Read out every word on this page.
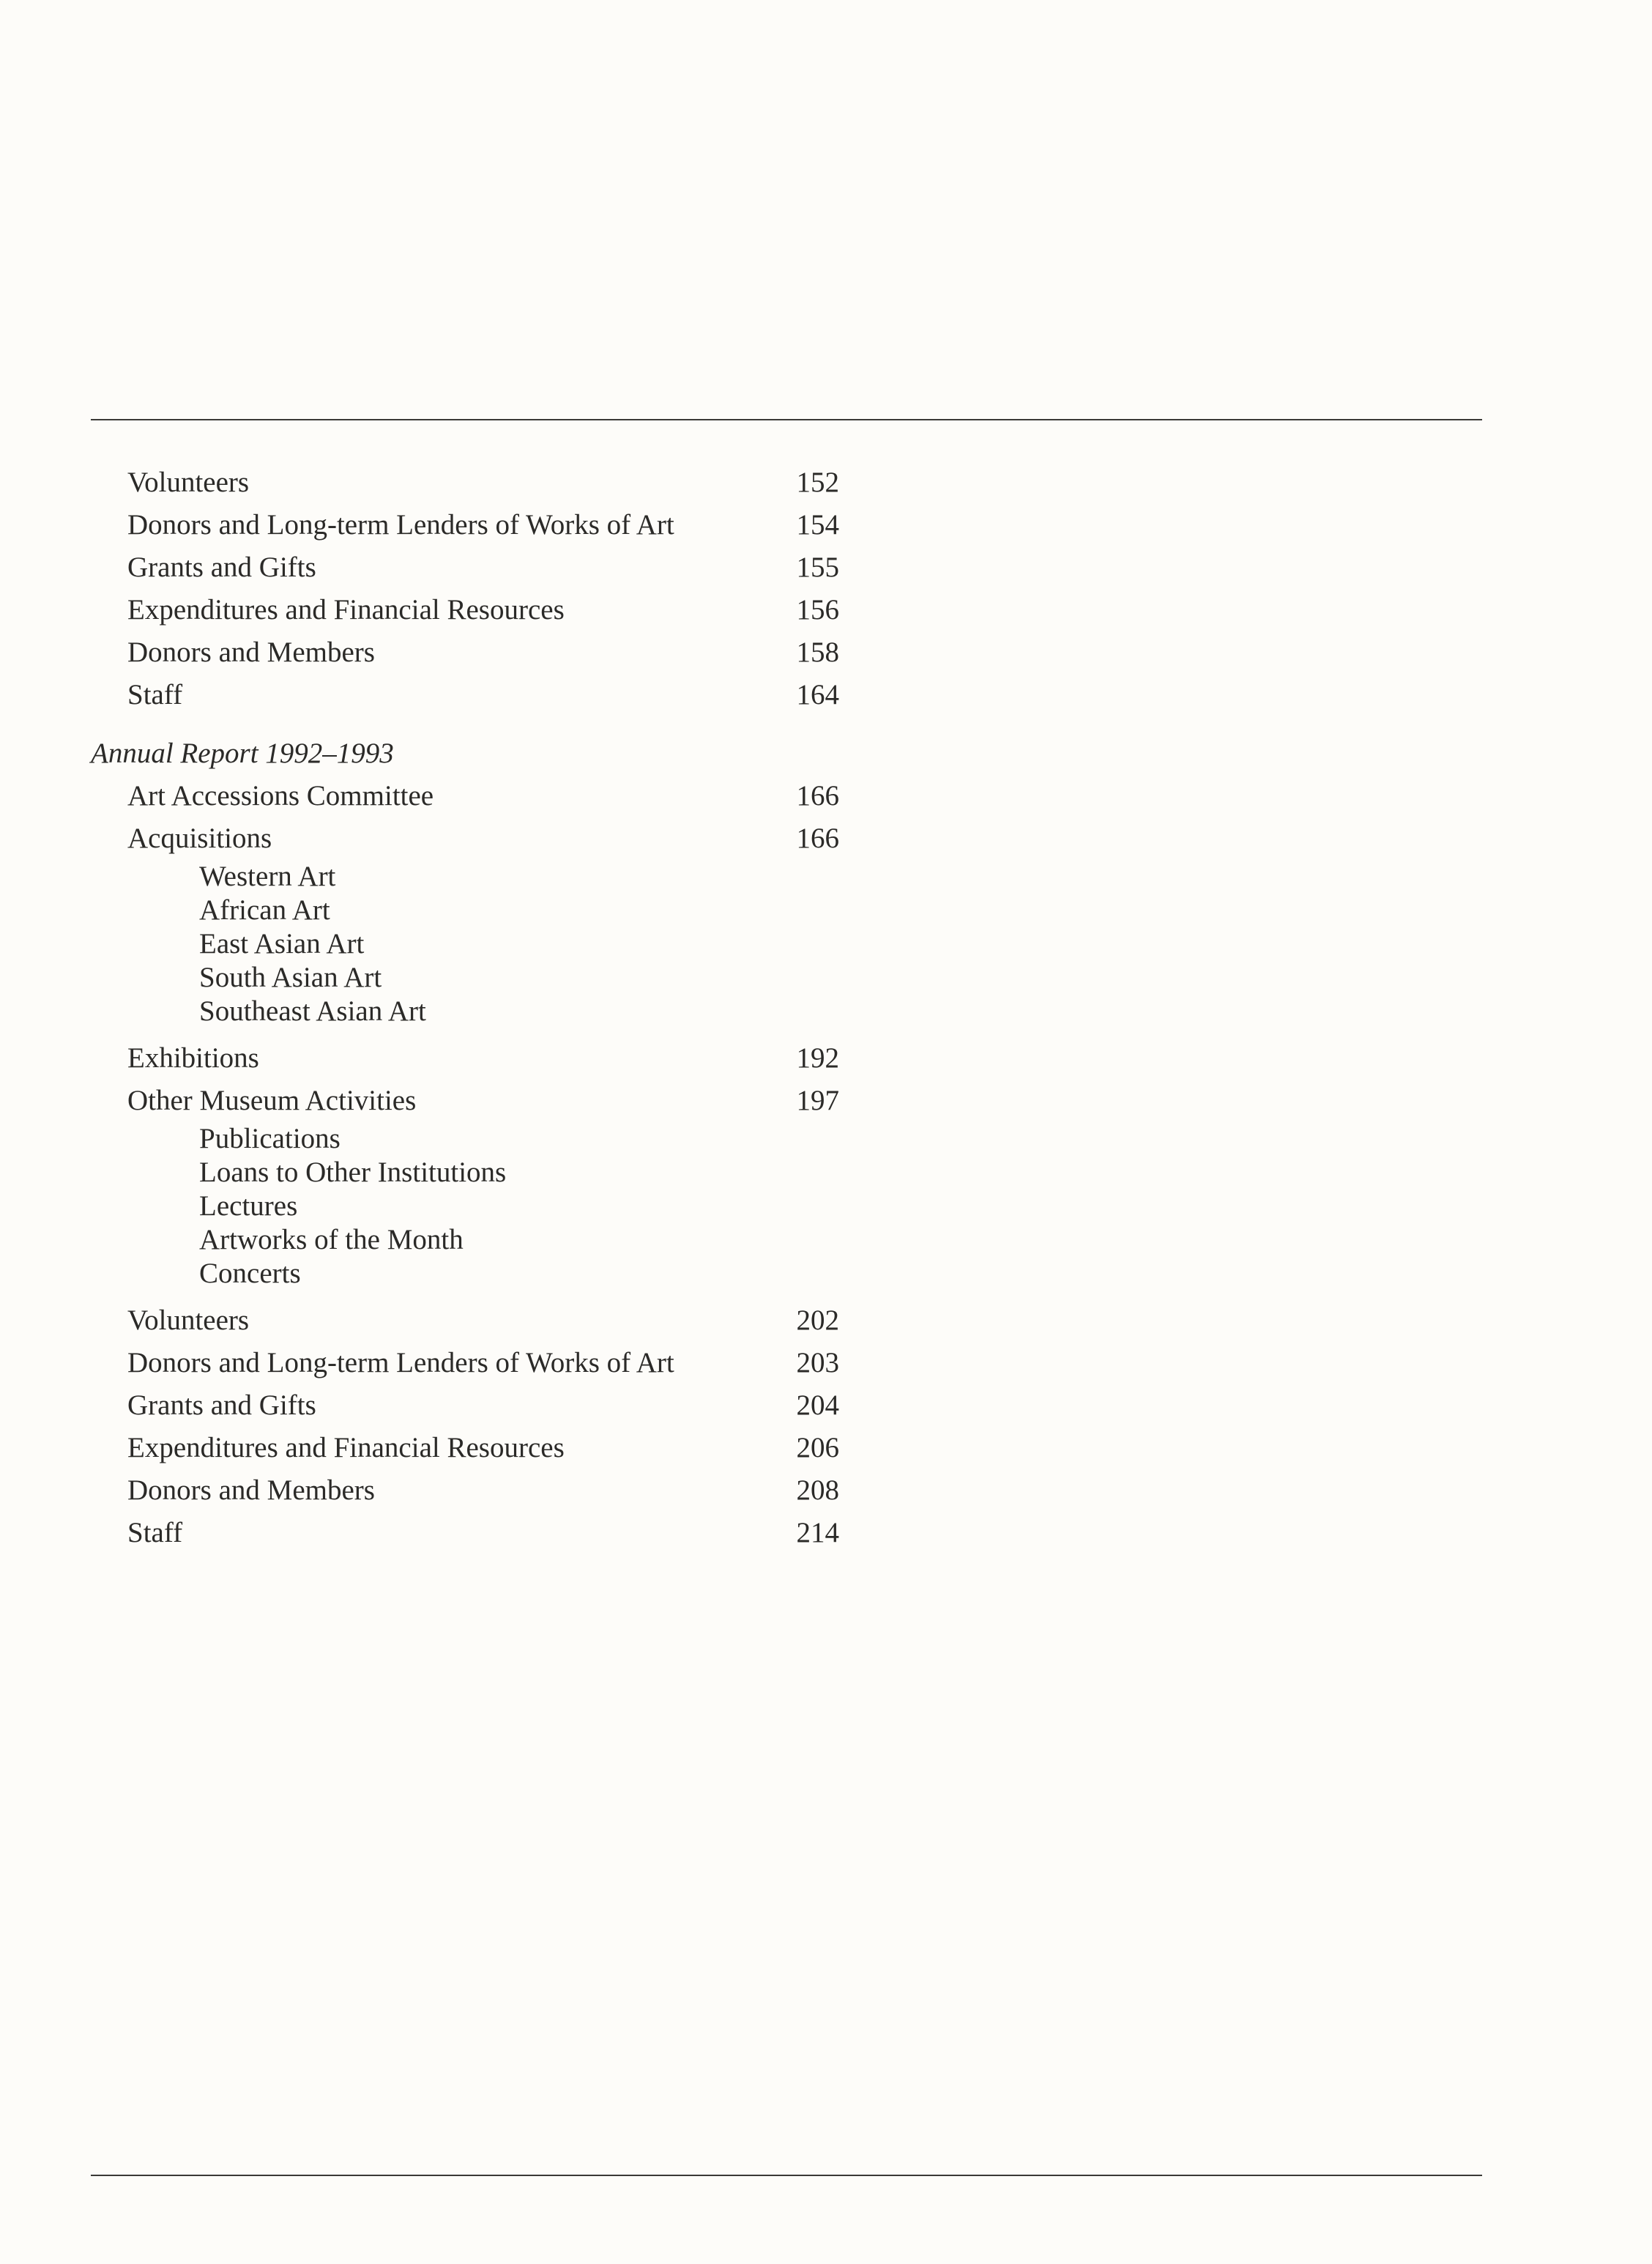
Volunteers	152
Donors and Long-term Lenders of Works of Art	154
Grants and Gifts	155
Expenditures and Financial Resources	156
Donors and Members	158
Staff	164
Annual Report 1992–1993
Art Accessions Committee	166
Acquisitions	166
Western Art
African Art
East Asian Art
South Asian Art
Southeast Asian Art
Exhibitions	192
Other Museum Activities	197
Publications
Loans to Other Institutions
Lectures
Artworks of the Month
Concerts
Volunteers	202
Donors and Long-term Lenders of Works of Art	203
Grants and Gifts	204
Expenditures and Financial Resources	206
Donors and Members	208
Staff	214
